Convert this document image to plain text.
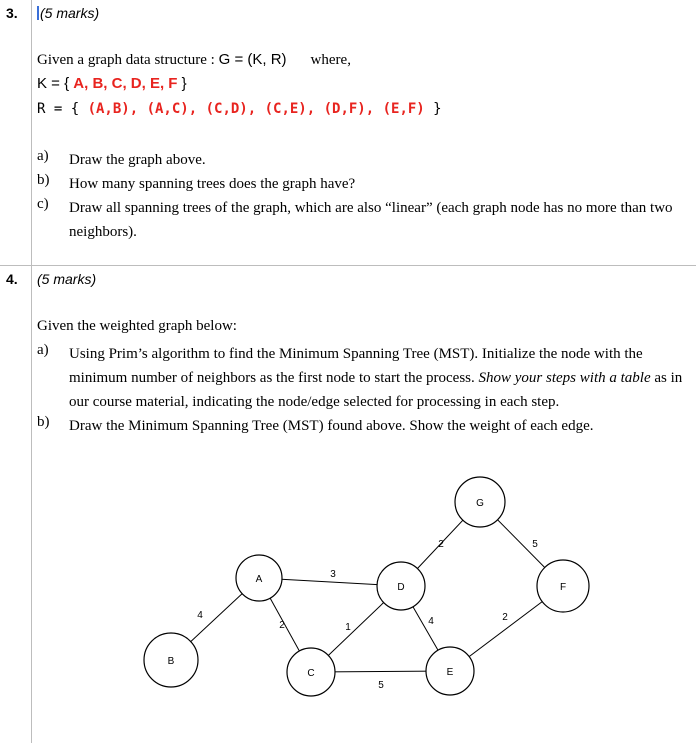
3. (5 marks)
Given a graph data structure : G = (K, R) where,
K = { A, B, C, D, E, F }
R = { (A,B), (A,C), (C,D), (C,E), (D,F), (E,F) }
a) Draw the graph above.
b) How many spanning trees does the graph have?
c) Draw all spanning trees of the graph, which are also “linear” (each graph node has no more than two neighbors).
4. (5 marks)
Given the weighted graph below:
a) Using Prim’s algorithm to find the Minimum Spanning Tree (MST). Initialize the node with the minimum number of neighbors as the first node to start the process. Show your steps with a table as in our course material, indicating the node/edge selected for processing in each step.
b) Draw the Minimum Spanning Tree (MST) found above. Show the weight of each edge.
4
2
3
1
5
2
4
5
2
A
B
C
D
E
F
G
